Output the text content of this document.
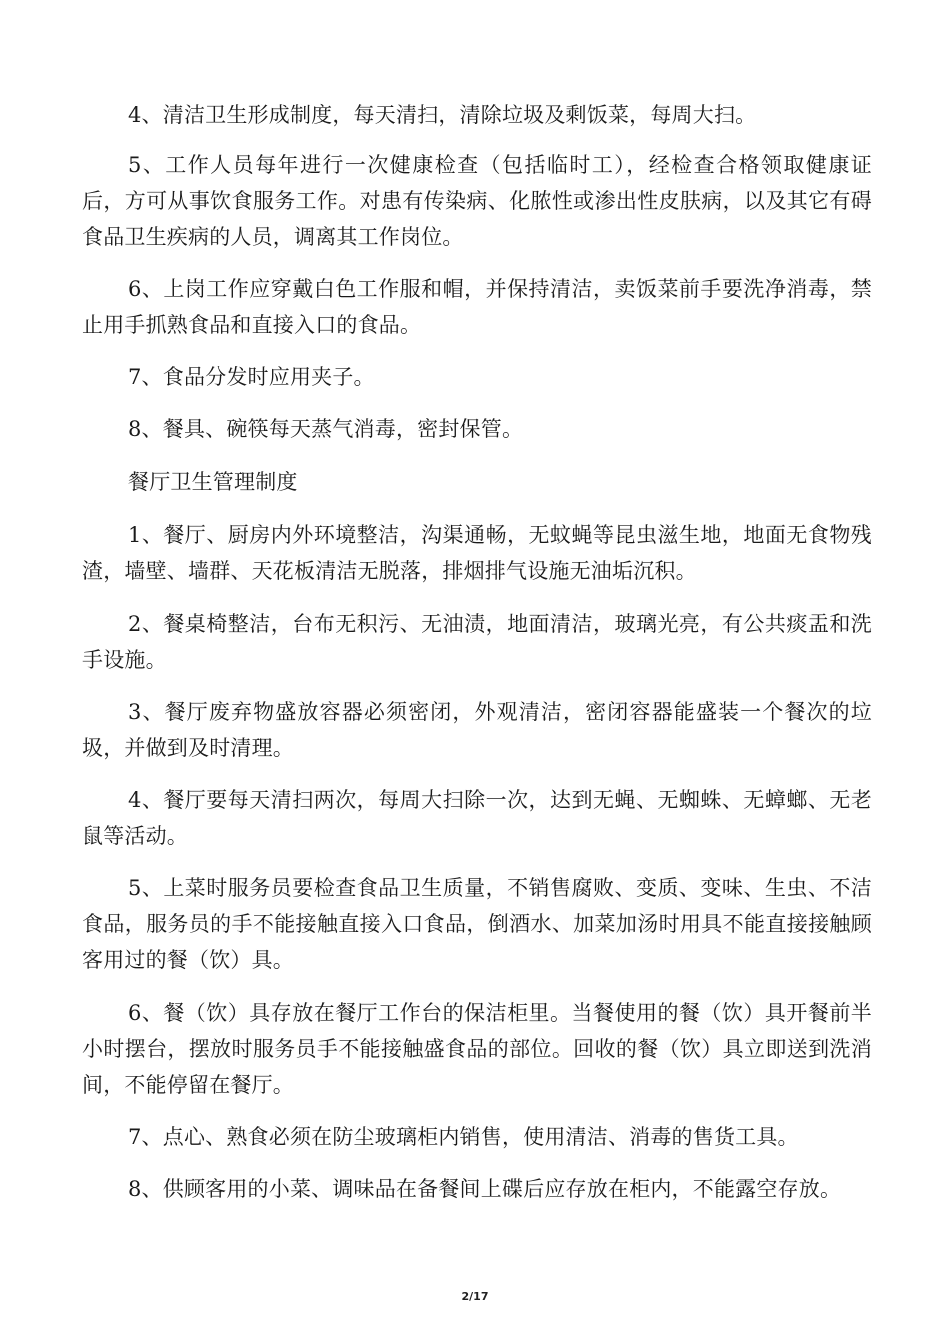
4、清洁卫生形成制度，每天清扫，清除垃圾及剩饭菜，每周大扫。

5、工作人员每年进行一次健康检查（包括临时工），经检查合格领取健康证后，方可从事饮食服务工作。对患有传染病、化脓性或渗出性皮肤病，以及其它有碍食品卫生疾病的人员，调离其工作岗位。

6、上岗工作应穿戴白色工作服和帽，并保持清洁，卖饭菜前手要洗净消毒，禁止用手抓熟食品和直接入口的食品。

7、食品分发时应用夹子。

8、餐具、碗筷每天蒸气消毒，密封保管。

餐厅卫生管理制度

1、餐厅、厨房内外环境整洁，沟渠通畅，无蚊蝇等昆虫滋生地，地面无食物残渣，墙壁、墙群、天花板清洁无脱落，排烟排气设施无油垢沉积。

2、餐桌椅整洁，台布无积污、无油渍，地面清洁，玻璃光亮，有公共痰盂和洗手设施。

3、餐厅废弃物盛放容器必须密闭，外观清洁，密闭容器能盛装一个餐次的垃圾，并做到及时清理。

4、餐厅要每天清扫两次，每周大扫除一次，达到无蝇、无蜘蛛、无蟑螂、无老鼠等活动。

5、上菜时服务员要检查食品卫生质量，不销售腐败、变质、变味、生虫、不洁食品，服务员的手不能接触直接入口食品，倒酒水、加菜加汤时用具不能直接接触顾客用过的餐（饮）具。

6、餐（饮）具存放在餐厅工作台的保洁柜里。当餐使用的餐（饮）具开餐前半小时摆台，摆放时服务员手不能接触盛食品的部位。回收的餐（饮）具立即送到洗消间，不能停留在餐厅。

7、点心、熟食必须在防尘玻璃柜内销售，使用清洁、消毒的售货工具。

8、供顾客用的小菜、调味品在备餐间上碟后应存放在柜内，不能露空存放。

2/17
